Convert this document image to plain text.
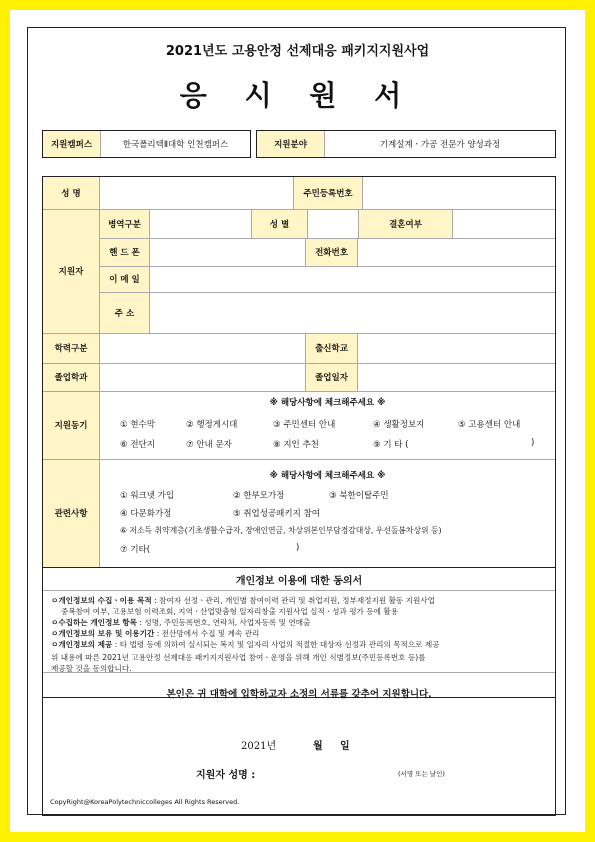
2021년도 고용안정 선제대응 패키지지원사업
응 시 원 서
지원캠퍼스	한국폴리텍Ⅱ대학 인천캠퍼스	지원분야	기계설계ㆍ가공 전문가 양성과정
성 명	주민등록번호
지원자
병역구분	성 별	결혼여부
핸 드 폰	전화번호
이 메 일
주 소
학력구분	출신학교
졸업학과	졸업일자
지원동기
관련사항
※ 해당사항에 체크해주세요 ※
① 현수막	② 행정게시대	③ 주민센터 안내	④ 생활정보지	⑤ 고용센터 안내
⑥ 전단지	⑦ 안내 문자	⑧ 지인 추천	⑨ 기 타 (	)
※ 해당사항에 체크해주세요 ※
① 워크넷 가입	② 한부모가정	③ 북한이탈주민
④ 다문화가정	⑤ 취업성공패키지 참여
⑥ 저소득 취약계층(기초생활수급자, 장애인연금, 차상위본인부담경감대상, 우선돌봄차상위 등)
⑦ 기타(	)
개인정보 이용에 대한 동의서
ㅇ개인정보의 수집ㆍ이용 목적 : 참여자 선정ㆍ관리, 개인별 참여이력 관리 및 취업지원, 정부재정지원 활동 지원사업
중복참여 여부, 고용보험 이력조회, 지역ㆍ산업맞춤형 일자리창출 지원사업 실적ㆍ성과 평가 등에 활용
ㅇ수집하는 개인정보 항목 : 성명, 주민등록번호, 연락처, 사업자등록 및 연매출
ㅇ개인정보의 보유 및 이용기간 : 전산망에서 수집 및 계속 관리
ㅇ개인정보의 제공 : 타 법령 등에 의하여 실시되는 복지 및 일자리 사업의 적절한 대상자 선정과 관리의 목적으로 제공
위 내용에 따른 2021년 고용안정 선제대응 패키지지원사업 참여ㆍ운영을 위해 개인 식별정보(주민등록번호 등)를
제공할 것을 동의합니다.
본인은 귀 대학에 입학하고자 소정의 서류를 갖추어 지원합니다.
2021년	월 일
지원자 성명 :	(서명 또는 날인)
CopyRight@KoreaPolytechniccolleges All Rights Reserved.
